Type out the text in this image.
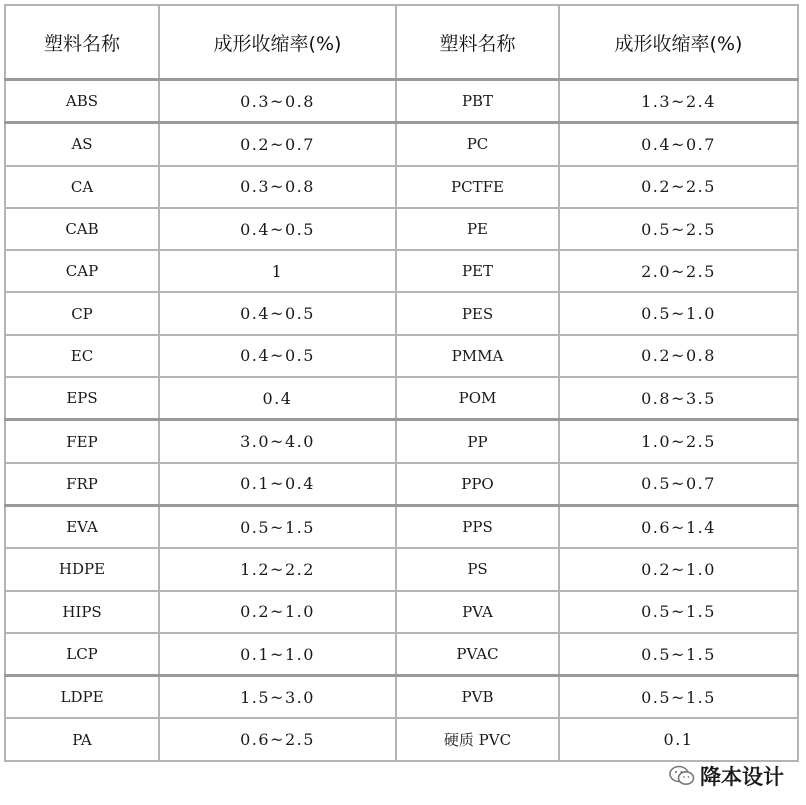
塑料名称	成形收缩率(%)	塑料名称	成形收缩率(%)
ABS	0.3~0.8	PBT	1.3~2.4
AS	0.2~0.7	PC	0.4~0.7
CA	0.3~0.8	PCTFE	0.2~2.5
CAB	0.4~0.5	PE	0.5~2.5
CAP	1	PET	2.0~2.5
CP	0.4~0.5	PES	0.5~1.0
EC	0.4~0.5	PMMA	0.2~0.8
EPS	0.4	POM	0.8~3.5
FEP	3.0~4.0	PP	1.0~2.5
FRP	0.1~0.4	PPO	0.5~0.7
EVA	0.5~1.5	PPS	0.6~1.4
HDPE	1.2~2.2	PS	0.2~1.0
HIPS	0.2~1.0	PVA	0.5~1.5
LCP	0.1~1.0	PVAC	0.5~1.5
LDPE	1.5~3.0	PVB	0.5~1.5
PA	0.6~2.5	硬质 PVC	0.1
降本设计
